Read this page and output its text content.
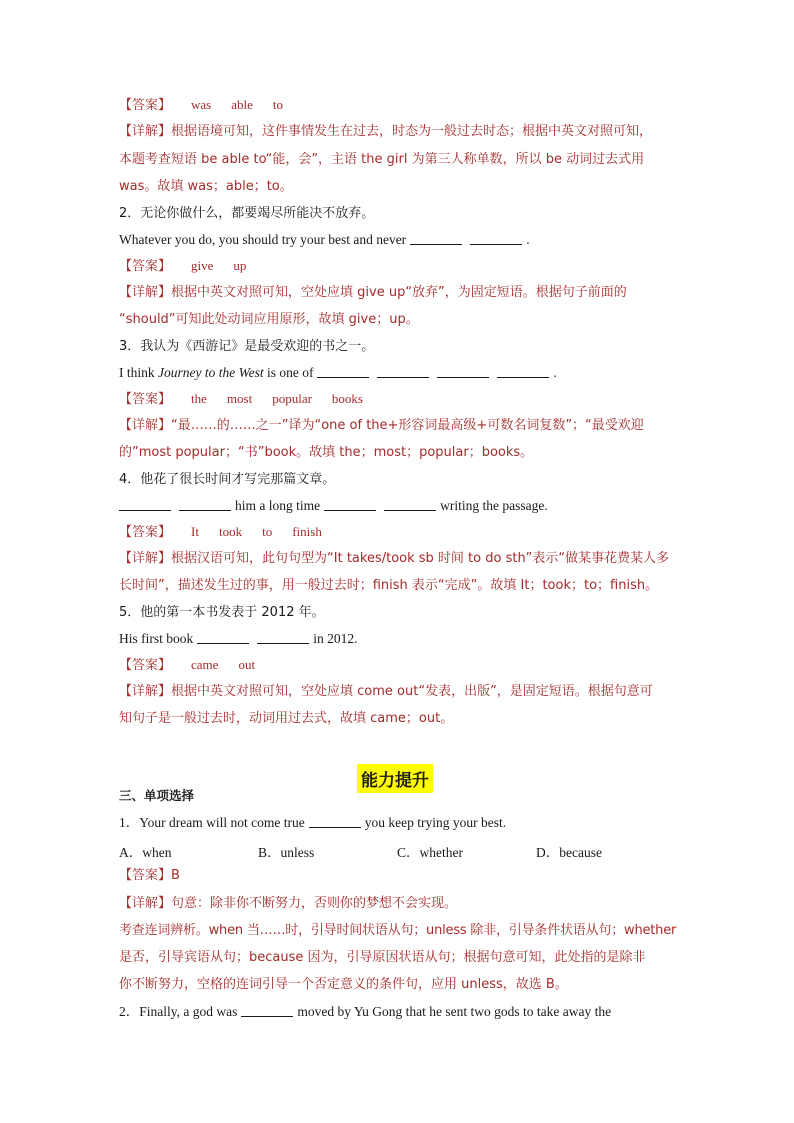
【答案】 was able to
【详解】根据语境可知，这件事情发生在过去，时态为一般过去时态；根据中英文对照可知，
本题考查短语 be able to“能，会”，主语 the girl 为第三人称单数，所以 be 动词过去式用
was。故填 was；able；to。
2．无论你做什么，都要竭尽所能决不放弃。
Whatever you do, you should try your best and never	.
【答案】 give up
【详解】根据中英文对照可知，空处应填 give up“放弃”，为固定短语。根据句子前面的
“should”可知此处动词应用原形，故填 give；up。
3．我认为《西游记》是最受欢迎的书之一。
I think Journey to the West is one of	.
【答案】 the most popular books
【详解】“最……的……之一”译为“one of the+形容词最高级+可数名词复数”；“最受欢迎
的”most popular；“书”book。故填 the；most；popular；books。
4．他花了很长时间才写完那篇文章。
him a long time	writing the passage.
【答案】 It took to finish
【详解】根据汉语可知，此句句型为“It takes/took sb 时间 to do sth”表示“做某事花费某人多
长时间”，描述发生过的事，用一般过去时；finish 表示“完成”。故填 It；took；to；finish。
5．他的第一本书发表于 2012 年。
His first book	in 2012.
【答案】 came out
【详解】根据中英文对照可知，空处应填 come out“发表，出版”，是固定短语。根据句意可
知句子是一般过去时，动词用过去式，故填 came；out。
能力提升
三、单项选择
1．Your dream will not come true	you keep trying your best.
A．when	B．unless	C．whether	D．because
【答案】B
【详解】句意：除非你不断努力，否则你的梦想不会实现。
考查连词辨析。when 当……时，引导时间状语从句；unless 除非，引导条件状语从句；whether
是否，引导宾语从句；because 因为，引导原因状语从句；根据句意可知，此处指的是除非
你不断努力，空格的连词引导一个否定意义的条件句，应用 unless，故选 B。
2．Finally, a god was	moved by Yu Gong that he sent two gods to take away the
